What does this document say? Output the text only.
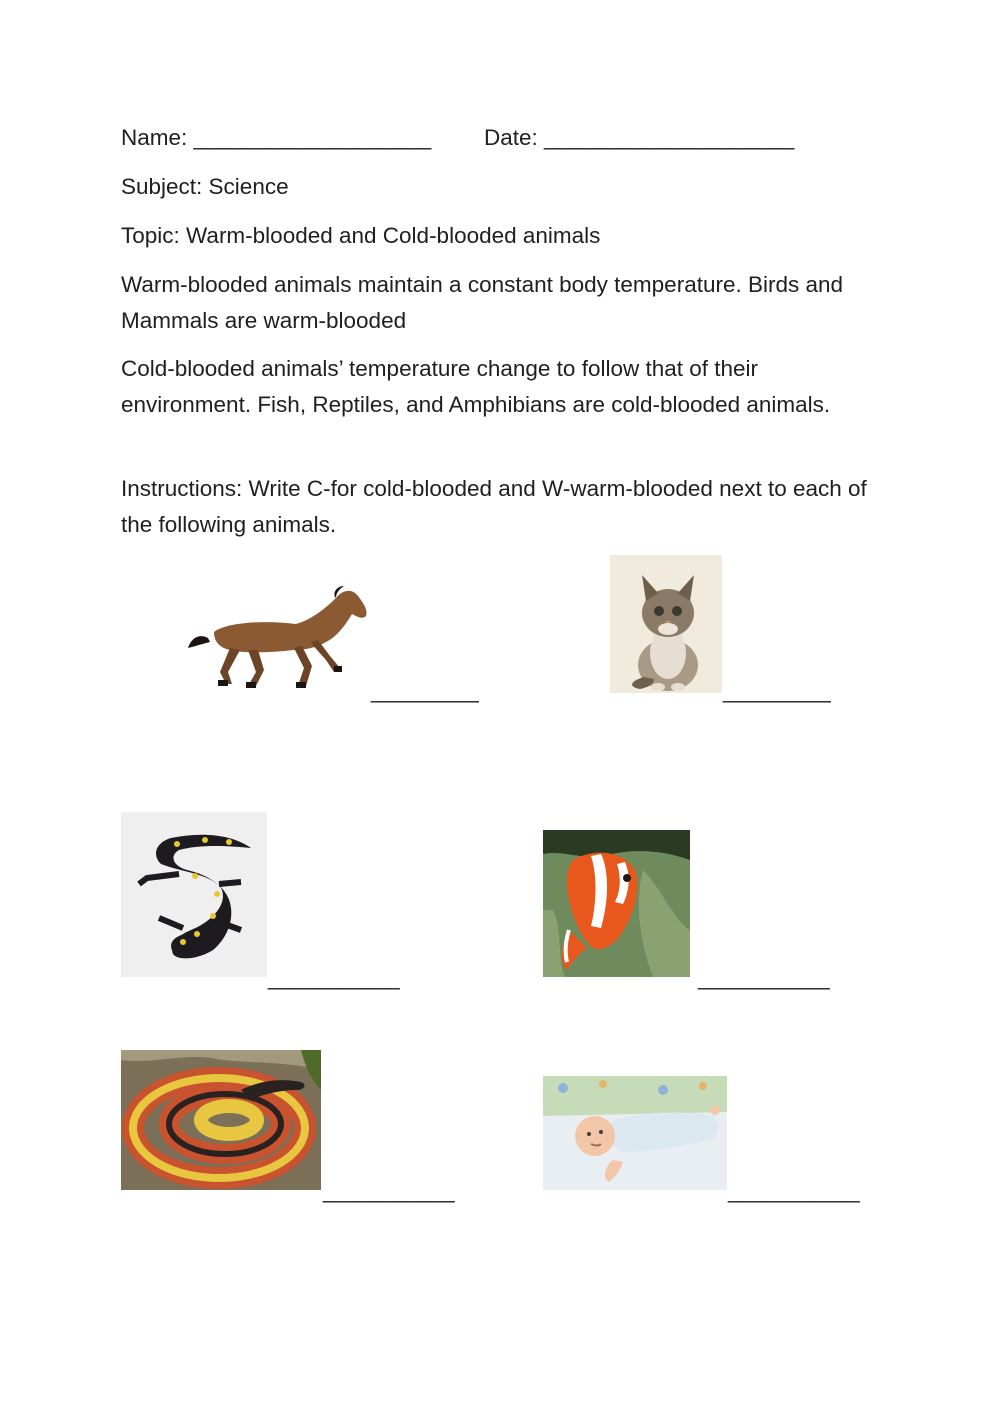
Name: ___________________ Date: ____________________
Subject: Science
Topic: Warm-blooded and Cold-blooded animals
Warm-blooded animals maintain a constant body temperature. Birds and Mammals are warm-blooded
Cold-blooded animals’ temperature change to follow that of their environment. Fish, Reptiles, and Amphibians are cold-blooded animals.
Instructions: Write C-for cold-blooded and W-warm-blooded next to each of the following animals.
_________	_________
___________	___________
___________	___________
